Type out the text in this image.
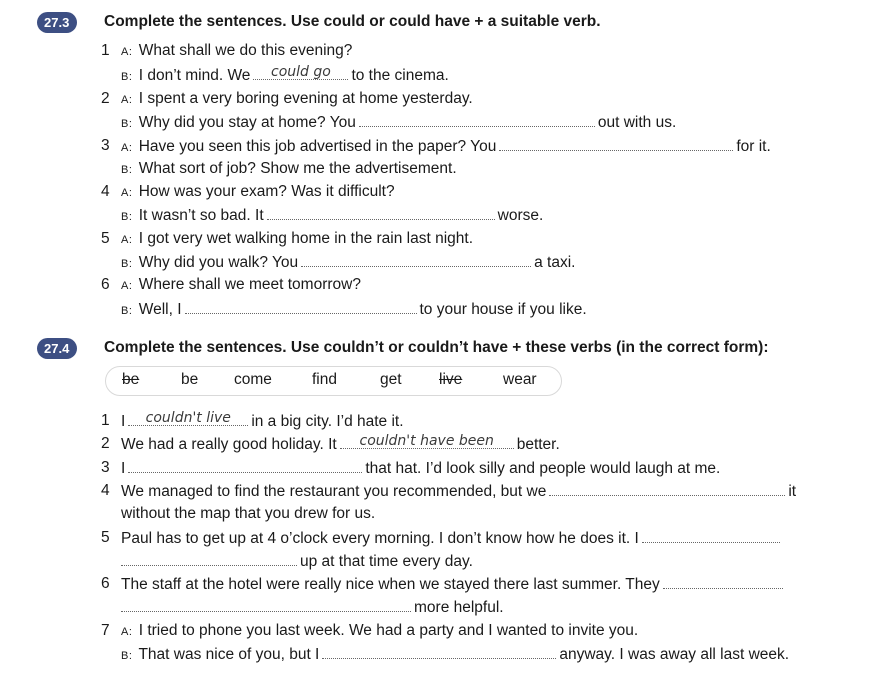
27.3	Complete the sentences. Use could or could have + a suitable verb.
1	A: What shall we do this evening?
B: I don’t mind. We	could go	to the cinema.
2	A: I spent a very boring evening at home yesterday.
B: Why did you stay at home? You	out with us.
3	A: Have you seen this job advertised in the paper? You	for it.
B: What sort of job? Show me the advertisement.
4	A: How was your exam? Was it difficult?
B: It wasn’t so bad. It	worse.
5	A: I got very wet walking home in the rain last night.
B: Why did you walk? You	a taxi.
6	A: Where shall we meet tomorrow?
B: Well, I	to your house if you like.
27.4	Complete the sentences. Use couldn’t or couldn’t have + these verbs (in the correct form):
be	be come	find	get live	wear
1 I	couldn't live	in a big city. I’d hate it.
2 We had a really good holiday. It	couldn't have been	better.
3 I	that hat. I’d look silly and people would laugh at me.
4 We managed to find the restaurant you recommended, but we	it
without the map that you drew for us.
5 Paul has to get up at 4 o’clock every morning. I don’t know how he does it. I
up at that time every day.
6 The staff at the hotel were really nice when we stayed there last summer. They
more helpful.
7	A: I tried to phone you last week. We had a party and I wanted to invite you.
B: That was nice of you, but I	anyway. I was away all last week.
